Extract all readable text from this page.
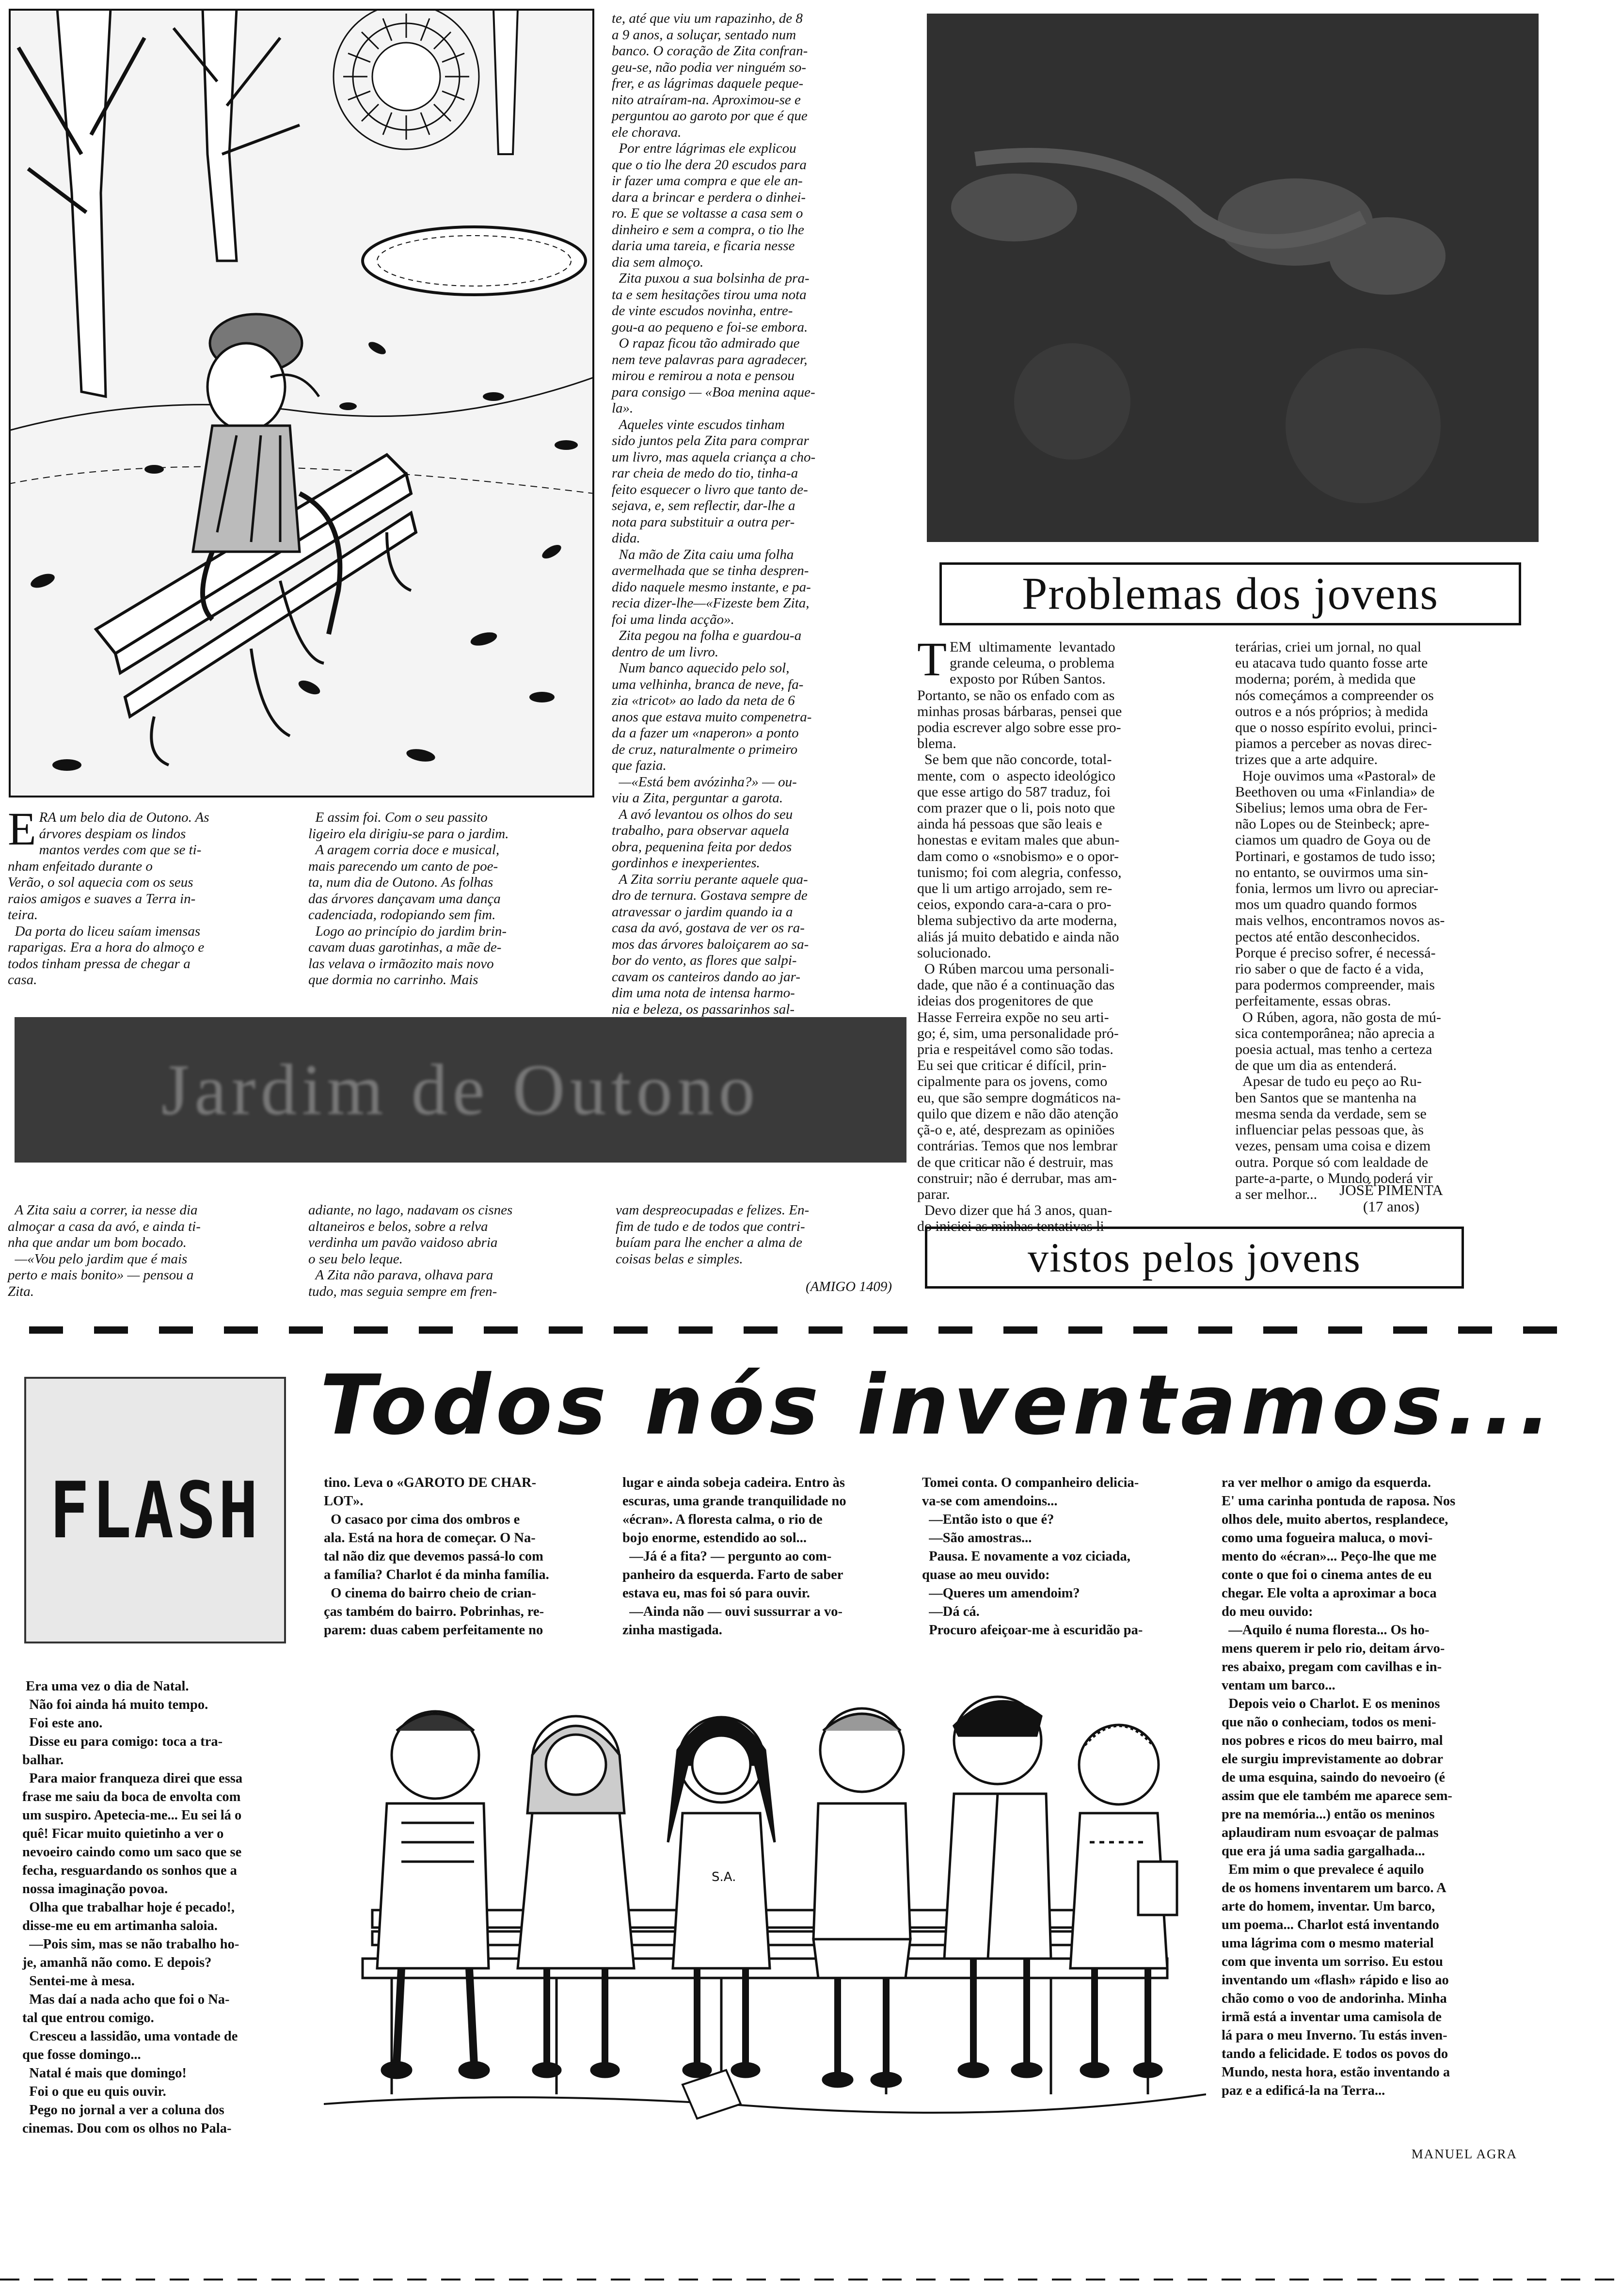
te, até que viu um rapazinho, de 8
a 9 anos, a soluçar, sentado num
banco. O coração de Zita confran-
geu-se, não podia ver ninguém so-
frer, e as lágrimas daquele peque-
nito atraíram-na. Aproximou-se e
perguntou ao garoto por que é que
ele chorava.
Por entre lágrimas ele explicou
que o tio lhe dera 20 escudos para
ir fazer uma compra e que ele an-
dara a brincar e perdera o dinhei-
ro. E que se voltasse a casa sem o
dinheiro e sem a compra, o tio lhe
daria uma tareia, e ficaria nesse
dia sem almoço.
Zita puxou a sua bolsinha de pra-
ta e sem hesitações tirou uma nota
de vinte escudos novinha, entre-
gou-a ao pequeno e foi-se embora.
O rapaz ficou tão admirado que
nem teve palavras para agradecer,
mirou e remirou a nota e pensou
para consigo — «Boa menina aque-
la».
Aqueles vinte escudos tinham
sido juntos pela Zita para comprar
um livro, mas aquela criança a cho-
rar cheia de medo do tio, tinha-a
feito esquecer o livro que tanto de-
sejava, e, sem reflectir, dar-lhe a
nota para substituir a outra per-
dida.
Na mão de Zita caiu uma folha
avermelhada que se tinha despren-
dido naquele mesmo instante, e pa-
recia dizer-lhe—«Fizeste bem Zita,
foi uma linda acção».
Zita pegou na folha e guardou-a
dentro de um livro.
Num banco aquecido pelo sol,
uma velhinha, branca de neve, fa-
zia «tricot» ao lado da neta de 6
anos que estava muito compenetra-
da a fazer um «naperon» a ponto
de cruz, naturalmente o primeiro
que fazia.
—«Está bem avózinha?» — ou-
viu a Zita, perguntar a garota.
A avó levantou os olhos do seu
trabalho, para observar aquela
obra, pequenina feita por dedos
gordinhos e inexperientes.
A Zita sorriu perante aquele qua-
dro de ternura. Gostava sempre de
atravessar o jardim quando ia a
casa da avó, gostava de ver os ra-
mos das árvores baloiçarem ao sa-
bor do vento, as flores que salpi-
cavam os canteiros dando ao jar-
dim uma nota de intensa harmo-
nia e beleza, os passarinhos sal-

ERA um belo dia de Outono. As
árvores despiam os lindos
mantos verdes com que se ti-
nham enfeitado durante o
Verão, o sol aquecia com os seus
raios amigos e suaves a Terra in-
teira.
Da porta do liceu saíam imensas
raparigas. Era a hora do almoço e
todos tinham pressa de chegar a
casa.
E assim foi. Com o seu passito
ligeiro ela dirigiu-se para o jardim.
A aragem corria doce e musical,
mais parecendo um canto de poe-
ta, num dia de Outono. As folhas
das árvores dançavam uma dança
cadenciada, rodopiando sem fim.
Logo ao princípio do jardim brin-
cavam duas garotinhas, a mãe de-
las velava o irmãozito mais novo
que dormia no carrinho. Mais
Jardim de Outono
A Zita saiu a correr, ia nesse dia
almoçar a casa da avó, e ainda ti-
nha que andar um bom bocado.
—«Vou pelo jardim que é mais
perto e mais bonito» — pensou a
Zita.
adiante, no lago, nadavam os cisnes
altaneiros e belos, sobre a relva
verdinha um pavão vaidoso abria
o seu belo leque.
A Zita não parava, olhava para
tudo, mas seguia sempre em fren-
vam despreocupadas e felizes. En-
fim de tudo e de todos que contri-
buíam para lhe encher a alma de
coisas belas e simples.
(AMIGO 1409)
Problemas dos jovens
TEM  ultimamente  levantado
grande celeuma, o problema
exposto por Rúben Santos.
Portanto, se não os enfado com as
minhas prosas bárbaras, pensei que
podia escrever algo sobre esse pro-
blema.
Se bem que não concorde, total-
mente, com  o  aspecto ideológico
que esse artigo do 587 traduz, foi
com prazer que o li, pois noto que
ainda há pessoas que são leais e
honestas e evitam males que abun-
dam como o «snobismo» e o opor-
tunismo; foi com alegria, confesso,
que li um artigo arrojado, sem re-
ceios, expondo cara-a-cara o pro-
blema subjectivo da arte moderna,
aliás já muito debatido e ainda não
solucionado.
O Rúben marcou uma personali-
dade, que não é a continuação das
ideias dos progenitores de que
Hasse Ferreira expõe no seu arti-
go; é, sim, uma personalidade pró-
pria e respeitável como são todas.
Eu sei que criticar é difícil, prin-
cipalmente para os jovens, como
eu, que são sempre dogmáticos na-
quilo que dizem e não dão atenção
çã-o e, até, desprezam as opiniões
contrárias. Temos que nos lembrar
de que criticar não é destruir, mas
construir; não é derrubar, mas am-
parar.
Devo dizer que há 3 anos, quan-
do iniciei as minhas tentativas li-
terárias, criei um jornal, no qual
eu atacava tudo quanto fosse arte
moderna; porém, à medida que
nós começámos a compreender os
outros e a nós próprios; à medida
que o nosso espírito evolui, princi-
piamos a perceber as novas direc-
trizes que a arte adquire.
Hoje ouvimos uma «Pastoral» de
Beethoven ou uma «Finlandia» de
Sibelius; lemos uma obra de Fer-
não Lopes ou de Steinbeck; apre-
ciamos um quadro de Goya ou de
Portinari, e gostamos de tudo isso;
no entanto, se ouvirmos uma sin-
fonia, lermos um livro ou apreciar-
mos um quadro quando formos
mais velhos, encontramos novos as-
pectos até então desconhecidos.
Porque é preciso sofrer, é necessá-
rio saber o que de facto é a vida,
para podermos compreender, mais
perfeitamente, essas obras.
O Rúben, agora, não gosta de mú-
sica contemporânea; não aprecia a
poesia actual, mas tenho a certeza
de que um dia as entenderá.
Apesar de tudo eu peço ao Ru-
ben Santos que se mantenha na
mesma senda da verdade, sem se
influenciar pelas pessoas que, às
vezes, pensam uma coisa e dizem
outra. Porque só com lealdade de
parte-a-parte, o Mundo poderá vir
a ser melhor...	JOSÉ PIMENTA
(17 anos)
vistos pelos jovens
FLASH
Todos nós inventamos...
Era uma vez o dia de Natal.
Não foi ainda há muito tempo.
Foi este ano.
Disse eu para comigo: toca a tra-
balhar.
Para maior franqueza direi que essa
frase me saiu da boca de envolta com
um suspiro. Apetecia-me... Eu sei lá o
quê! Ficar muito quietinho a ver o
nevoeiro caindo como um saco que se
fecha, resguardando os sonhos que a
nossa imaginação povoa.
Olha que trabalhar hoje é pecado!,
disse-me eu em artimanha saloia.
—Pois sim, mas se não trabalho ho-
je, amanhã não como. E depois?
Sentei-me à mesa.
Mas daí a nada acho que foi o Na-
tal que entrou comigo.
Cresceu a lassidão, uma vontade de
que fosse domingo...
Natal é mais que domingo!
Foi o que eu quis ouvir.
Pego no jornal a ver a coluna dos
cinemas. Dou com os olhos no Pala-
tino. Leva o «GAROTO DE CHAR-
LOT».
O casaco por cima dos ombros e
ala. Está na hora de começar. O Na-
tal não diz que devemos passá-lo com
a família? Charlot é da minha família.
O cinema do bairro cheio de crian-
ças também do bairro. Pobrinhas, re-
parem: duas cabem perfeitamente no
lugar e ainda sobeja cadeira. Entro às
escuras, uma grande tranquilidade no
«écran». A floresta calma, o rio de
bojo enorme, estendido ao sol...
—Já é a fita? — pergunto ao com-
panheiro da esquerda. Farto de saber
estava eu, mas foi só para ouvir.
—Ainda não — ouvi sussurrar a vo-
zinha mastigada.
Tomei conta. O companheiro delicia-
va-se com amendoins...
—Então isto o que é?
—São amostras...
Pausa. E novamente a voz ciciada,
quase ao meu ouvido:
—Queres um amendoim?
—Dá cá.
Procuro afeiçoar-me à escuridão pa-
ra ver melhor o amigo da esquerda.
E' uma carinha pontuda de raposa. Nos
olhos dele, muito abertos, resplandece,
como uma fogueira maluca, o movi-
mento do «écran»... Peço-lhe que me
conte o que foi o cinema antes de eu
chegar. Ele volta a aproximar a boca
do meu ouvido:
—Aquilo é numa floresta... Os ho-
mens querem ir pelo rio, deitam árvo-
res abaixo, pregam com cavilhas e in-
ventam um barco...
Depois veio o Charlot. E os meninos
que não o conheciam, todos os meni-
nos pobres e ricos do meu bairro, mal
ele surgiu imprevistamente ao dobrar
de uma esquina, saindo do nevoeiro (é
assim que ele também me aparece sem-
pre na memória...) então os meninos
aplaudiram num esvoaçar de palmas
que era já uma sadia gargalhada...
Em mim o que prevalece é aquilo
de os homens inventarem um barco. A
arte do homem, inventar. Um barco,
um poema... Charlot está inventando
uma lágrima com o mesmo material
com que inventa um sorriso. Eu estou
inventando um «flash» rápido e liso ao
chão como o voo de andorinha. Minha
irmã está a inventar uma camisola de
lá para o meu Inverno. Tu estás inven-
tando a felicidade. E todos os povos do
Mundo, nesta hora, estão inventando a
paz e a edificá-la na Terra...
S.A.
MANUEL AGRA
